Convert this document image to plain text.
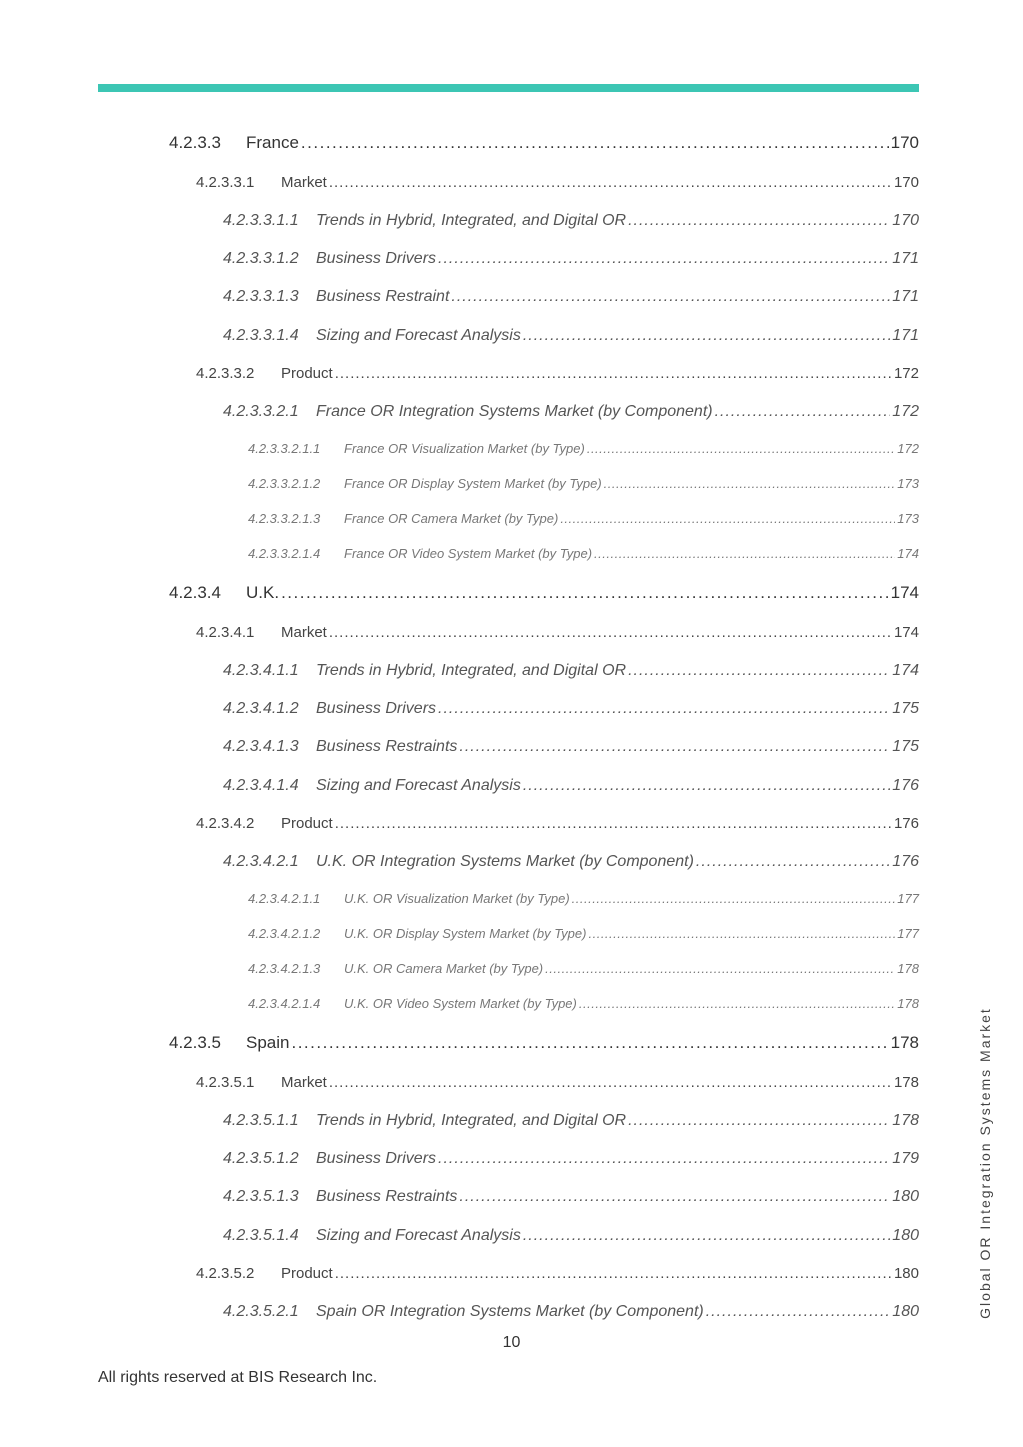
4.2.3.3	France .....	170
4.2.3.3.1	Market .....	170
4.2.3.3.1.1	Trends in Hybrid, Integrated, and Digital OR .....	170
4.2.3.3.1.2	Business Drivers .....	171
4.2.3.3.1.3	Business Restraint .....	171
4.2.3.3.1.4	Sizing and Forecast Analysis .....	171
4.2.3.3.2	Product .....	172
4.2.3.3.2.1	France OR Integration Systems Market (by Component) .....	172
4.2.3.3.2.1.1	France OR Visualization Market (by Type) .....	172
4.2.3.3.2.1.2	France OR Display System Market (by Type) .....	173
4.2.3.3.2.1.3	France OR Camera Market (by Type) .....	173
4.2.3.3.2.1.4	France OR Video System Market (by Type) .....	174
4.2.3.4	U.K. .....	174
4.2.3.4.1	Market .....	174
4.2.3.4.1.1	Trends in Hybrid, Integrated, and Digital OR .....	174
4.2.3.4.1.2	Business Drivers .....	175
4.2.3.4.1.3	Business Restraints .....	175
4.2.3.4.1.4	Sizing and Forecast Analysis .....	176
4.2.3.4.2	Product .....	176
4.2.3.4.2.1	U.K. OR Integration Systems Market (by Component) .....	176
4.2.3.4.2.1.1	U.K. OR Visualization Market (by Type) .....	177
4.2.3.4.2.1.2	U.K. OR Display System Market (by Type) .....	177
4.2.3.4.2.1.3	U.K. OR Camera Market (by Type) .....	178
4.2.3.4.2.1.4	U.K. OR Video System Market (by Type) .....	178
4.2.3.5	Spain .....	178
4.2.3.5.1	Market .....	178
4.2.3.5.1.1	Trends in Hybrid, Integrated, and Digital OR .....	178
4.2.3.5.1.2	Business Drivers .....	179
4.2.3.5.1.3	Business Restraints .....	180
4.2.3.5.1.4	Sizing and Forecast Analysis .....	180
4.2.3.5.2	Product .....	180
4.2.3.5.2.1	Spain OR Integration Systems Market (by Component) .....	180
10
All rights reserved at BIS Research Inc.
Global OR Integration Systems Market
